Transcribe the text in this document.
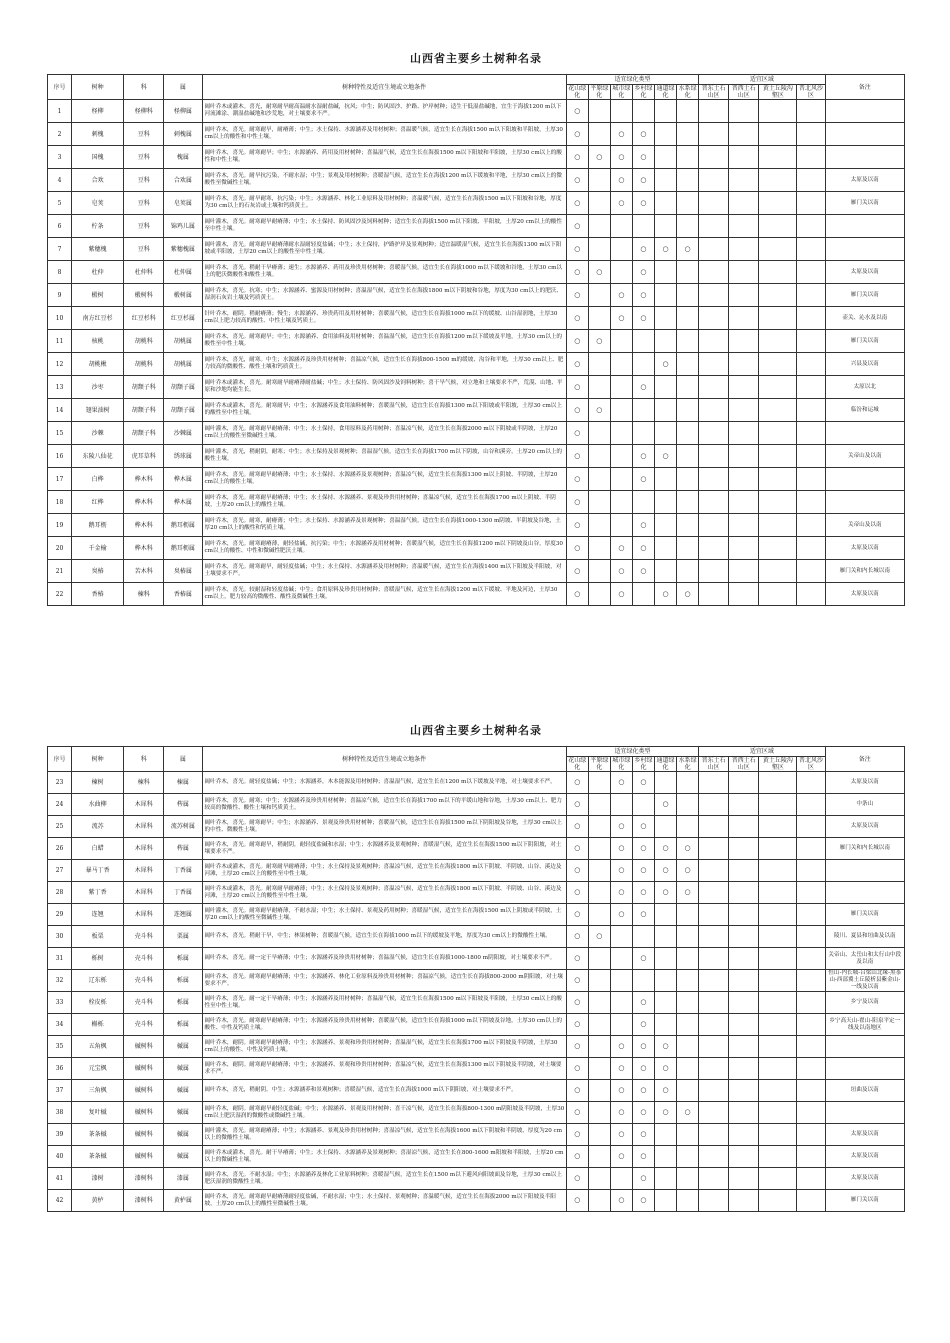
山西省主要乡土树种名录
序号	树种	科	属	树种特性及适宜生境或立地条件	适宜绿化类型						适宜区域				备注
					花山绿化	平原绿化	城市绿化	乡村绿化	通道绿化	水系绿化	晋东土石山区	晋西土石山区	黄土丘陵沟壑区	晋北风沙区	
1	柽柳	柽柳科	柽柳属	阔叶乔木或灌木。喜光，耐寒耐旱耐高温耐水湿耐盐碱，抗风；中生；防风固沙、护路、护岸树种；适生于低湿盐碱地，宜生于海拔1200 m以下河流滩涂、潮湿盐碱地和沙荒地，对土壤要求不严。	○										
2	刺槐	豆科	刺槐属	阔叶乔木，喜光。耐寒耐旱，耐瘠薄；中生；水土保持、水源涵养及用材树种；喜温暖气候，适宜生长在海拔1500 m以下阳坡和半阳坡，土厚30 cm以上的酸性和中性土壤。	○		○	○							
3	国槐	豆科	槐属	阔叶乔木，喜光。耐寒耐旱；中生；水源涵养、药用及用材树种；喜温湿气候，适宜生长在海拔1500 m以下阳坡和半阳坡，土厚30 cm以上的酸性和中性土壤。	○	○	○	○							
4	合欢	豆科	合欢属	阔叶乔木，喜光。耐旱抗污染，不耐水湿；中生；景观及用材树种；喜暖湿气候，适宜生长在海拔1200 m以下缓坡和平地，土厚30 cm以上的微酸性至微碱性土壤。	○		○	○							太原及以南
5	皂荚	豆科	皂荚属	阔叶乔木，喜光。耐旱耐寒，抗污染；中生；水源涵养、林化工业原料及用材树种；喜温暖气候，适宜生长在海拔1500 m以下阳坡和谷地，厚度为30 cm以上的石灰岩或土壤和钙质黄土。	○		○	○							雁门关以南
6	柠条	豆科	锦鸡儿属	阔叶灌木，喜光。耐寒耐旱耐瘠薄；中生；水土保持、防风固沙及饲料树种；适宜生长在海拔1500 m以下阳坡、半阳坡，土厚20 cm以上的酸性至中性土壤。	○										
7	紫穗槐	豆科	紫穗槐属	阔叶灌木，喜光。耐寒耐旱耐瘠薄耐水湿耐轻度盐碱；中生；水土保持，护路护岸及景观树种；适宜温暖湿气候，适宜生长在海拔1300 m以下阳坡或半阳坡，土厚20 cm以上的酸性至中性土壤。	○			○	○	○					
8	杜仲	杜仲科	杜仲属	阔叶乔木，喜光。稍耐干旱瘠薄；速生；水源涵养、药用及珍贵用材树种；喜暖湿气候，适宜生长在海拔1000 m以下缓坡和谷地，土厚30 cm以上的肥沃微酸性和酸性土壤。	○	○		○							太原及以南
9	椴树	椴树科	椴树属	阔叶乔木，喜光。抗寒；中生；水源涵养、蜜源及用材树种；喜温湿气候，适宜生长在海拔1800 m以下阴坡和谷地，厚度为30 cm以上的肥沃、湿润石灰岩土壤及钙质黄土。	○		○	○							雁门关以南
10	南方红豆杉	红豆杉科	红豆杉属	针叶乔木，耐阴。稍耐瘠薄；慢生；水源涵养、珍贵药用及用材树种；喜暖湿气候，适宜生长在海拔1000 m以下的缓坡、山谷湿润地，土厚30 cm以上肥力较高的酸性、中性土壤及钙质土。	○		○	○							壶关、沁水及以南
11	核桃	胡桃科	胡桃属	阔叶乔木，喜光。耐寒耐旱；中生；水源涵养、食用油料及用材树种；喜温湿气候，适宜生长在海拔1200 m以下缓坡及平地，土厚30 cm以上的酸性至中性土壤。	○	○									雁门关以南
12	胡桃楸	胡桃科	胡桃属	阔叶乔木，喜光，耐寒。中生；水源涵养及珍贵用材树种；喜温凉气候，适宜生长在海拔800-1500 m的缓坡、沟谷和平地，土厚30 cm以上、肥力较高的微酸性、酸性土壤和钙质黄土。	○				○						兴县及以南
13	沙枣	胡颓子科	胡颓子属	阔叶乔木或灌木，喜光。耐寒耐旱耐瘠薄耐盐碱；中生；水土保持、防风固沙及饲料树种；喜干旱气候，对立地和土壤要求不严，荒漠、山地、平原和沙地均能生长。	○			○							太原以北
14	翅果油树	胡颓子科	胡颓子属	阔叶乔木或灌木，喜光。耐寒耐旱；中生；水源涵养及食用油料树种；喜暖湿气候，适宜生长在海拔1300 m以下阳坡或半阳坡，土厚30 cm以上的酸性至中性土壤。	○	○									临汾和运城
15	沙棘	胡颓子科	沙棘属	阔叶灌木，喜光。耐寒耐旱耐瘠薄；中生；水土保持，食用原料及药用树种；喜温凉气候，适宜生长在海拔2000 m以下阴坡或半阴坡，土厚20 cm以上的酸性至微碱性土壤。	○										
16	东陵八仙花	虎耳草科	绣球属	阔叶灌木，喜光，稍耐阴，耐寒；中生；水土保持及景观树种；喜温湿气候，适宜生长在海拔1700 m以下阴坡，山谷和溪旁，土厚20 cm以上的酸性土壤。	○			○	○						关帝山及以南
17	白桦	桦木科	桦木属	阔叶乔木，喜光。耐寒耐旱耐瘠薄；中生；水土保持、水源涵养及景观树种；喜温凉气候，适宜生长在海拔1300 m以上阴坡、半阴坡，土厚20 cm以上的酸性土壤。	○			○							
18	红桦	桦木科	桦木属	阔叶乔木，喜光。耐寒耐旱耐瘠薄；中生；水土保持、水源涵养、景观及珍贵用材树种；喜温凉气候，适宜生长在海拔1700 m以上阴坡、半阴坡，土厚20 cm以上的酸性土壤。	○										
19	鹅耳枥	桦木科	鹅耳枥属	阔叶乔木，喜光。耐寒，耐瘠薄；中生；水土保持、水源涵养及景观树种；喜温湿气候，适宜生长在海拔1000-1300 m阴坡、半阴坡及谷地，土厚20 cm以上的酸性和钙质土壤。	○			○							关帝山及以南
20	千金榆	桦木科	鹅耳枥属	阔叶乔木，喜光。耐寒耐瘠薄，耐轻盐碱，抗污染；中生；水源涵养及用材树种；喜暖湿气候，适宜生长在海拔1200 m以下阴坡及山谷，厚度30 cm以上的酸性、中性和微碱性肥沃土壤。	○		○	○							太原及以南
21	臭椿	苦木科	臭椿属	阔叶乔木，喜光。耐寒耐旱，耐轻度盐碱；中生；水土保持、水源涵养及用材树种；喜温暖气候，适宜生长在海拔1400 m以下阳坡及半阳坡，对土壤要求不严。	○		○	○							雁门关和内长城以南
22	香椿	楝科	香椿属	阔叶乔木，喜光。较耐湿和轻度盐碱；中生；食用原料及珍贵用材树种；喜暖湿气候，适宜生长在海拔1200 m以下缓坡、平地及河边，土厚30 cm以上，肥力较高的微酸性、酸性及微碱性土壤。	○		○		○	○					太原及以南
山西省主要乡土树种名录
序号	树种	科	属	树种特性及适宜生境或立地条件	适宜绿化类型						适宜区域				备注
					花山绿化	平原绿化	城市绿化	乡村绿化	通道绿化	水系绿化	晋东土石山区	晋西土石山区	黄土丘陵沟壑区	晋北风沙区	
23	楝树	楝科	楝属	阔叶乔木，喜光。耐轻度盐碱；中生；水源涵养，木本能源及用材树种；喜温湿气候，适宜生长在1200 m以下缓坡及平地，对土壤要求不严。	○		○	○							太原及以南
24	水曲柳	木犀科	梣属	阔叶乔木，喜光。耐寒；中生；水源涵养及珍贵用材树种；喜温凉气候，适宜生长在海拔1700 m以下的平缓山地和谷地，土厚30 cm以上、肥力较高的微酸性、酸性土壤和钙质黄土。	○				○						中条山
25	流苏	木犀科	流苏树属	阔叶乔木，喜光。耐寒耐旱；中生；水源涵养、景观及珍贵用材树种；喜暖湿气候，适宜生长在海拔1500 m以下阴阳坡及谷地，土厚30 cm以上的中性、微酸性土壤。	○		○	○							太原及以南
26	白蜡	木犀科	梣属	阔叶乔木，喜光。耐寒耐旱，稍耐阴，耐轻度盐碱和水湿；中生；水源涵养及景观树种；喜暖湿气候，适宜生长在海拔1500 m以下阴阳坡，对土壤要求不严。	○		○	○	○	○					雁门关和内长城以南
27	暴马丁香	木犀科	丁香属	阔叶乔木或灌木，喜光。耐寒耐旱耐瘠薄；中生；水土保持及景观树种；喜温凉气候，适宜生长在海拔1800 m以下阴坡、半阴坡、山谷、溪边及河滩，土厚20 cm以上的酸性至中性土壤。	○		○	○	○	○					
28	紫丁香	木犀科	丁香属	阔叶乔木或灌木，喜光。耐寒耐旱耐瘠薄；中生；水土保持及景观树种；喜温凉气候，适宜生长在海拔1800 m以下阴坡、半阴坡、山谷、溪边及河滩，土厚20 cm以上的酸性至中性土壤。	○		○	○	○	○					
29	连翘	木犀科	连翘属	阔叶灌木，喜光。耐寒耐旱耐瘠薄，不耐水湿；中生；水土保持、景观及药用树种；喜暖湿气候，适宜生长在海拔1500 m以上阴坡或半阴坡，土厚20 cm以上的酸性至微碱性土壤。	○		○	○							雁门关以南
30	板栗	壳斗科	栗属	阔叶乔木，喜光。稍耐干旱，中生；林果树种；喜暖湿气候，适宜生长在海拔1000 m以下的缓坡及平地，厚度为30 cm以上的微酸性土壤。	○	○									陵川、夏县和垣曲及以南
31	栎树	壳斗科	栎属	阔叶乔木，喜光。耐一定干旱瘠薄；中生；水源涵养及珍贵用材树种；喜温湿气候，适宜生长在海拔1000-1800 m阴阳坡，对土壤要求不严。	○			○							关帝山、太岳山和太行山中段及以南
32	辽东栎	壳斗科	栎属	阔叶乔木，喜光。耐寒耐旱耐瘠薄；中生；水源涵养、林化工业原料及珍贵用材树种；喜温凉气候，适宜生长在海拔800-2000 m阴阳坡，对土壤要求不严。	○										恒山-内长城-吕梁山北缘-黑茶山-西部冀土丘陵析县紫金山-一线及以南
33	栓皮栎	壳斗科	栎属	阔叶乔木，喜光。耐一定干旱瘠薄；中生；水源涵养及用材树种；喜温湿气候，适宜生长在海拔1500 m以下阳坡及半阳坡，土厚30 cm以上的酸性至中性土壤。	○			○							乡宁及以南
34	槲栎	壳斗科	栎属	阔叶乔木，喜光。耐寒耐旱耐瘠薄；中生；水源涵养及珍贵用材树种；喜暖湿气候，适宜生长在海拔1000 m以下阴坡及谷地，土厚30 cm以上的酸性、中性及钙质土壤。	○			○							乡宁高天山-翟山-阳泉平定一线及以南地区
35	五角枫	槭树科	槭属	阔叶乔木，耐阴。耐寒耐旱耐瘠薄；中生；水源涵养、景观和珍贵用材树种；喜温湿气候，适宜生长在海拔1700 m以下阴坡及半阴坡，土厚30 cm以上的酸性、中性及钙质土壤。	○		○	○	○						
36	元宝枫	槭树科	槭属	阔叶乔木，耐阴。耐寒耐旱耐瘠薄；中生；水源涵养、景观和珍贵用材树种；喜温凉气候，适宜生长在海拔1300 m以下阴坡及半阴坡，对土壤要求不严。	○		○	○	○						
37	三角枫	槭树科	槭属	阔叶乔木，喜光，稍耐阴。中生；水源涵养和景观树种；喜暖湿气候，适宜生长在海拔1000 m以下阴阳坡，对土壤要求不严。	○		○	○	○						垣曲及以南
38	复叶槭	槭树科	槭属	阔叶乔木，耐阴。耐寒耐旱耐轻度盐碱；中生；水源涵养、景观及用材树种；喜干凉气候，适宜生长在海拔800-1300 m阴阳坡及半阴坡，土厚30 cm以上肥沃湿润的微酸性或微碱性土壤。	○		○	○	○	○					
39	茶条槭	槭树科	槭属	阔叶灌木，喜光。耐寒耐瘠薄；中生；水源涵养、景观及珍贵用材树种；喜湿凉气候，适宜生长在海拔1600 m以下阴坡和半阴坡，厚度为20 cm以上的微酸性土壤。	○		○	○							太原及以南
40	茶条槭	槭树科	槭属	阔叶乔木或灌木，喜光。耐干旱瘠薄；中生；水土保持、水源涵养及景观树种；喜湿凉气候，适宜生长在800-1600 m阳坡和半阳坡，土厚20 cm以上的微碱性土壤。	○		○	○							太原及以南
41	漆树	漆树科	漆属	阔叶乔木，喜光。不耐水湿；中生；水源涵养及林化工业原料树种；喜暖湿气候，适宜生长在1500 m以下避风向阳坡面及谷地，土厚30 cm以上肥沃湿润的微酸性土壤。	○			○							太原及以南
42	黄栌	漆树科	黄栌属	阔叶乔木，喜光。耐寒耐旱耐瘠薄耐轻度盐碱，不耐水湿；中生；水土保持、景观树种；喜温暖气候，适宜生长在海拔2000 m以下阳坡及半阳坡，土厚20 cm以上的酸性至微碱性土壤。	○		○	○							雁门关以南
